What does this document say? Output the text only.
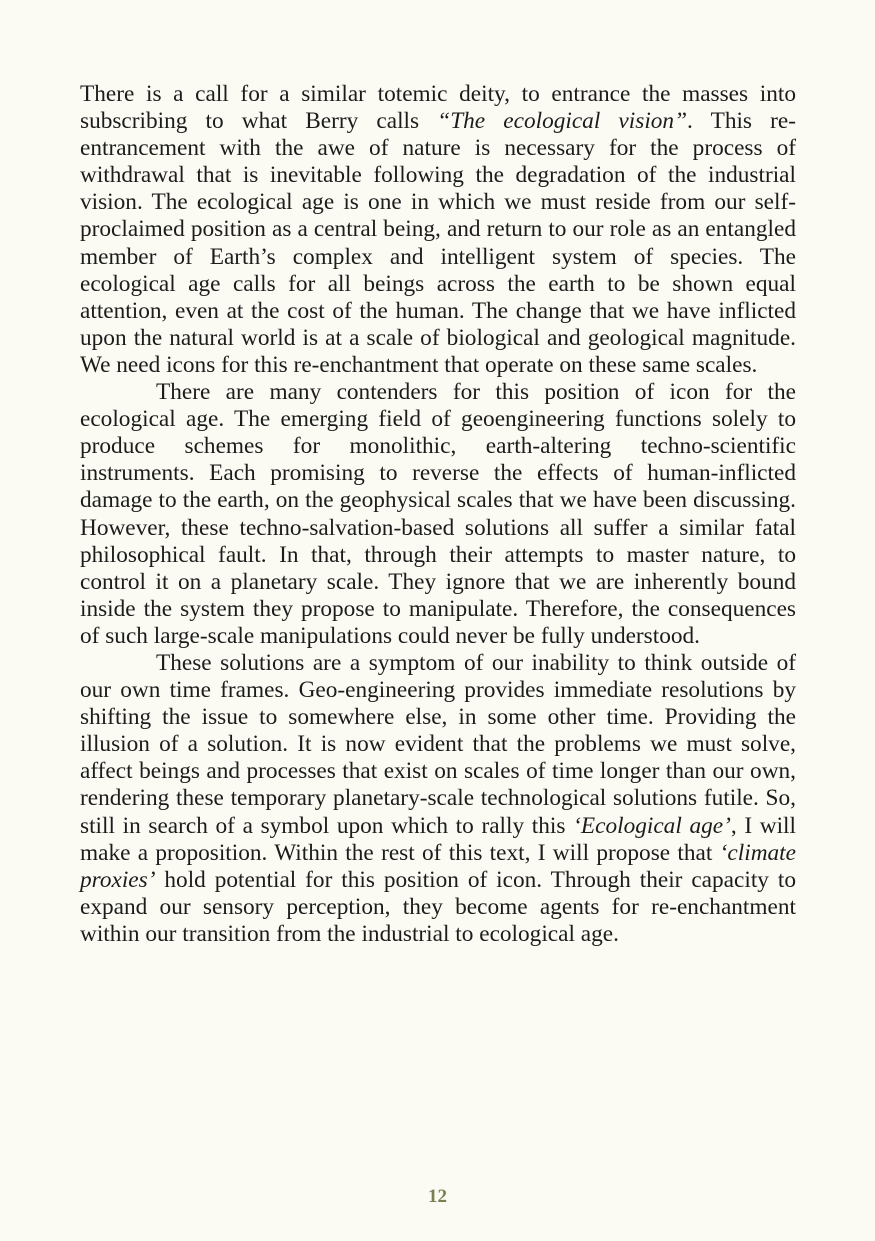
There is a call for a similar totemic deity, to entrance the masses into subscribing to what Berry calls “The ecological vision”. This re-entrancement with the awe of nature is necessary for the process of withdrawal that is inevitable following the degradation of the industrial vision. The ecological age is one in which we must reside from our self-proclaimed position as a central being, and return to our role as an entangled member of Earth’s complex and intelligent system of species. The ecological age calls for all beings across the earth to be shown equal attention, even at the cost of the human. The change that we have inflicted upon the natural world is at a scale of biological and geological magnitude. We need icons for this re-enchantment that operate on these same scales.

There are many contenders for this position of icon for the ecological age. The emerging field of geoengineering functions solely to produce schemes for monolithic, earth-altering techno-scientific instruments. Each promising to reverse the effects of human-inflicted damage to the earth, on the geophysical scales that we have been discussing. However, these techno-salvation-based solutions all suffer a similar fatal philosophical fault. In that, through their attempts to master nature, to control it on a planetary scale. They ignore that we are inherently bound inside the system they propose to manipulate. Therefore, the consequences of such large-scale manipulations could never be fully understood.

These solutions are a symptom of our inability to think outside of our own time frames. Geo-engineering provides immediate resolutions by shifting the issue to somewhere else, in some other time. Providing the illusion of a solution. It is now evident that the problems we must solve, affect beings and processes that exist on scales of time longer than our own, rendering these temporary planetary-scale technological solutions futile. So, still in search of a symbol upon which to rally this ‘Ecological age’, I will make a proposition. Within the rest of this text, I will propose that ‘climate proxies’ hold potential for this position of icon. Through their capacity to expand our sensory perception, they become agents for re-enchantment within our transition from the industrial to ecological age.

12
